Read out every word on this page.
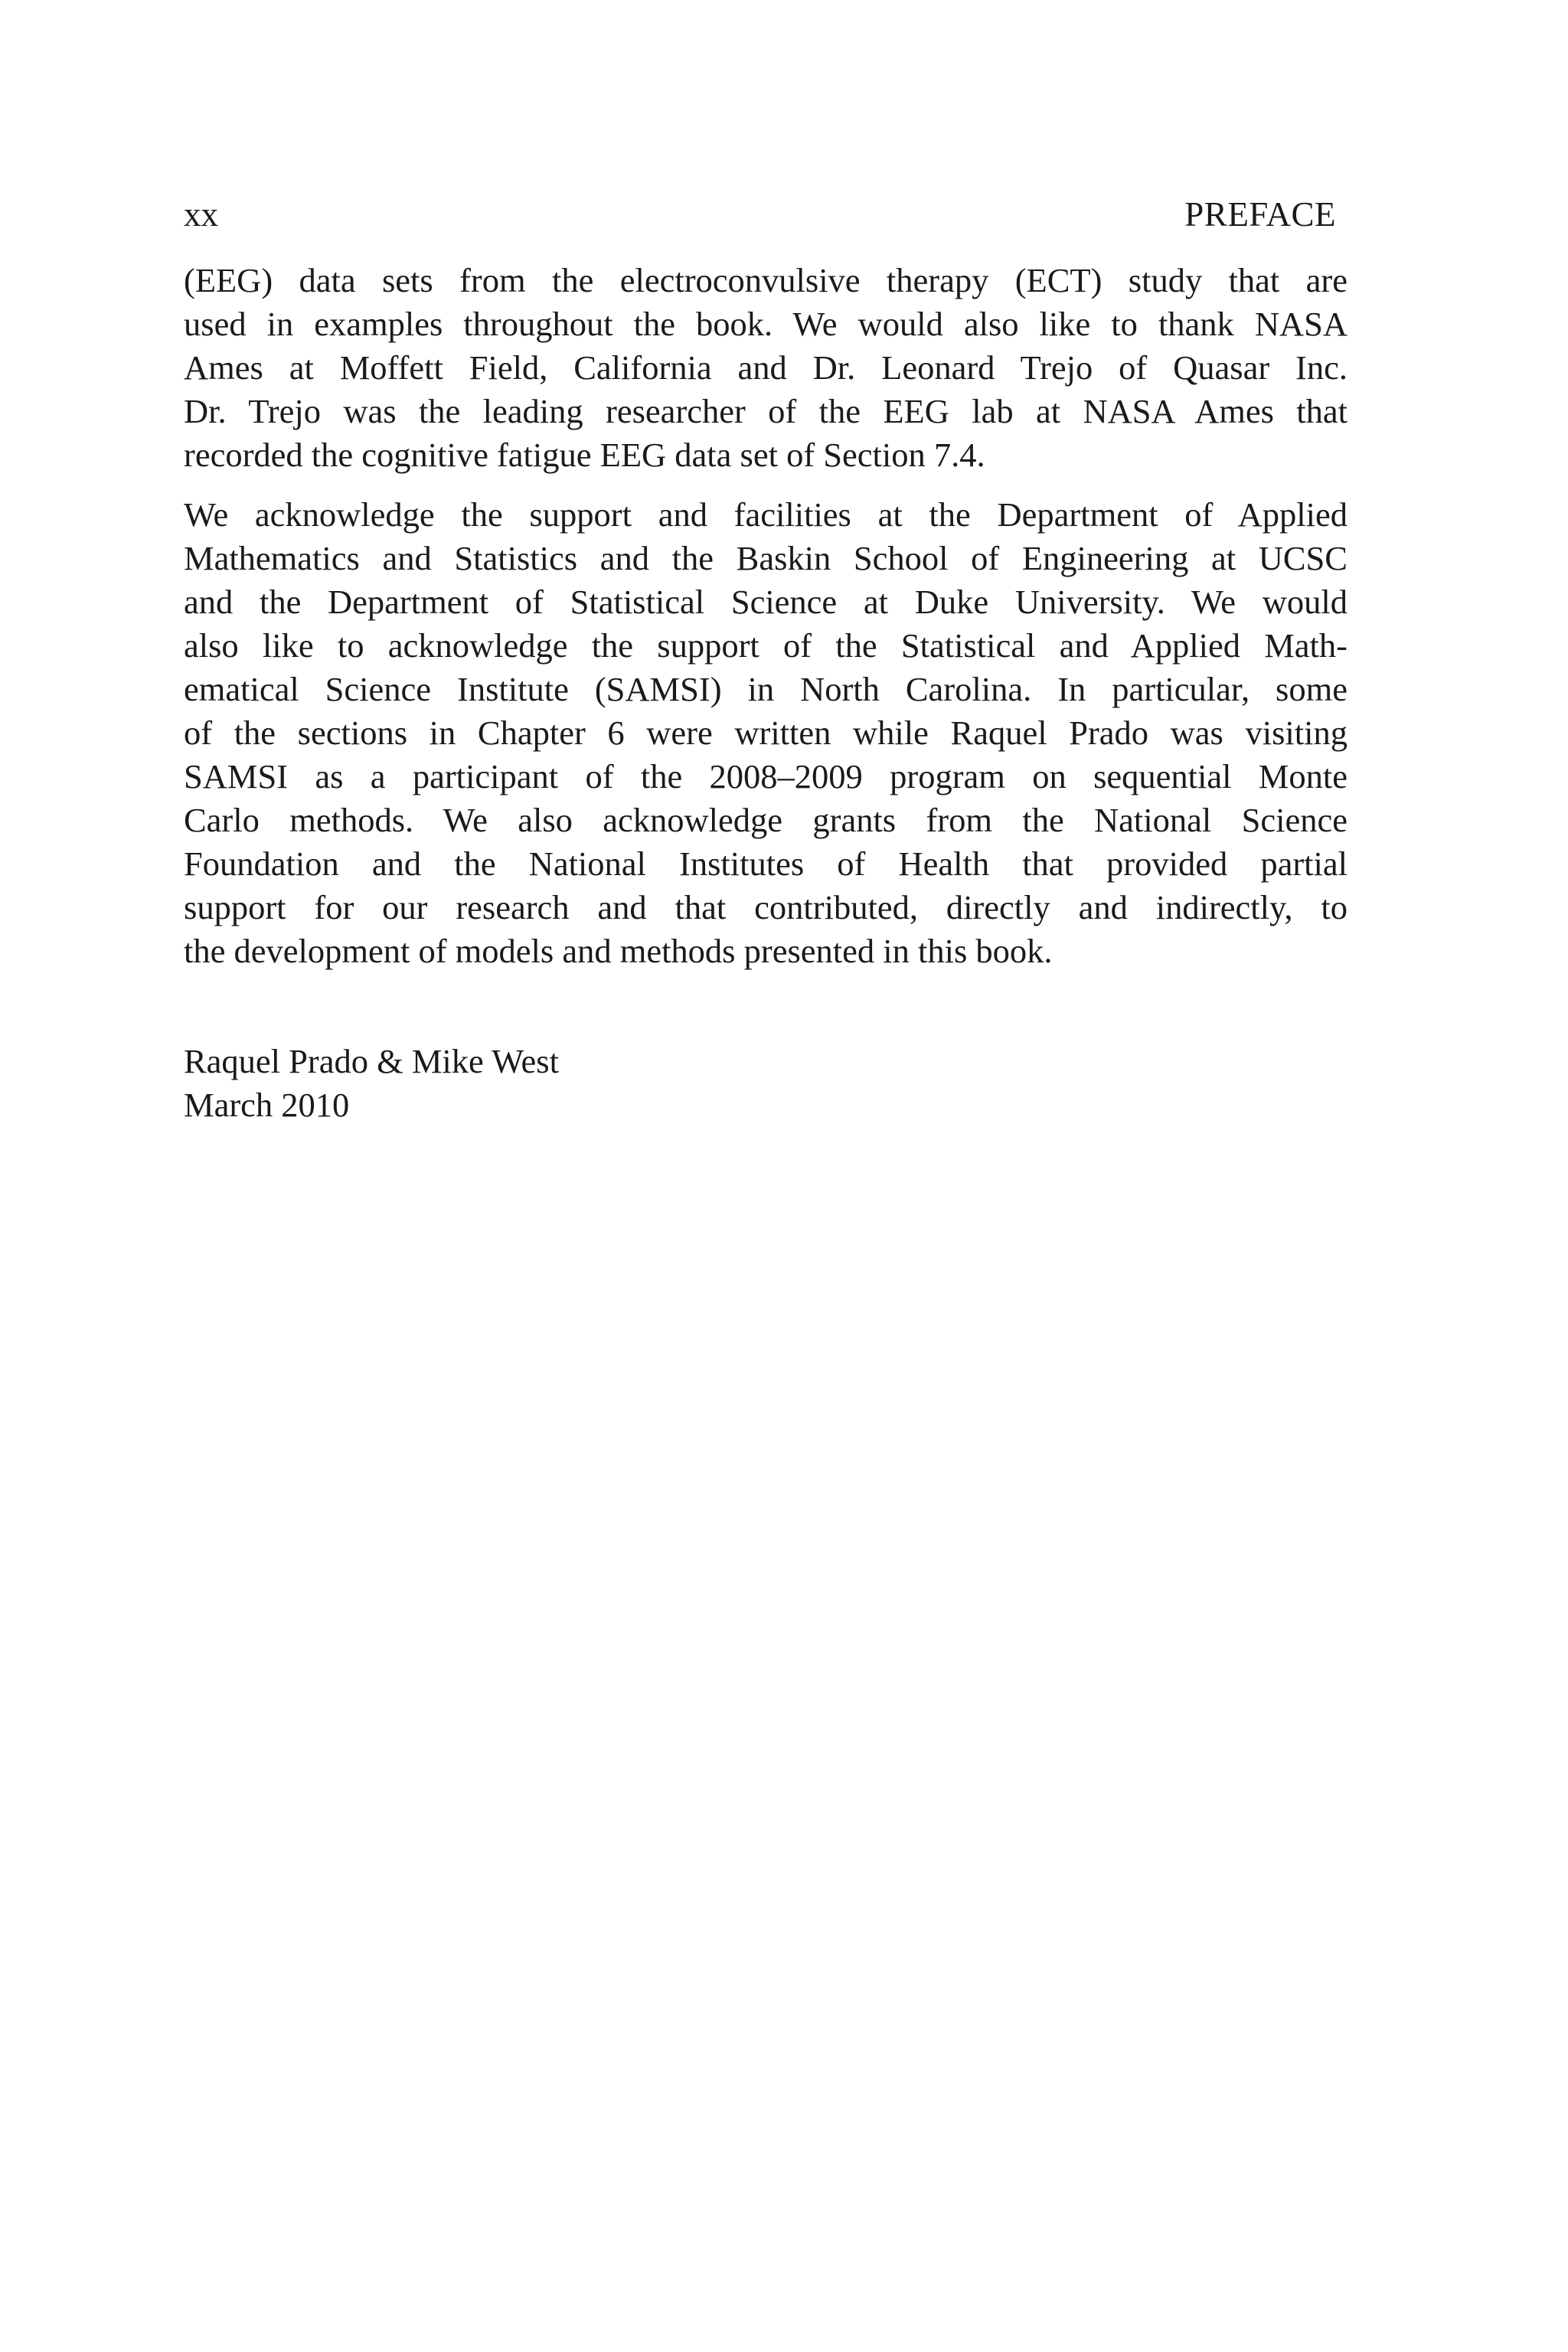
xx	PREFACE

(EEG) data sets from the electroconvulsive therapy (ECT) study that are
used in examples throughout the book. We would also like to thank NASA
Ames at Moffett Field, California and Dr. Leonard Trejo of Quasar Inc.
Dr. Trejo was the leading researcher of the EEG lab at NASA Ames that
recorded the cognitive fatigue EEG data set of Section 7.4.

We acknowledge the support and facilities at the Department of Applied
Mathematics and Statistics and the Baskin School of Engineering at UCSC
and the Department of Statistical Science at Duke University. We would
also like to acknowledge the support of the Statistical and Applied Math-
ematical Science Institute (SAMSI) in North Carolina. In particular, some
of the sections in Chapter 6 were written while Raquel Prado was visiting
SAMSI as a participant of the 2008–2009 program on sequential Monte
Carlo methods. We also acknowledge grants from the National Science
Foundation and the National Institutes of Health that provided partial
support for our research and that contributed, directly and indirectly, to
the development of models and methods presented in this book.

Raquel Prado & Mike West
March 2010
